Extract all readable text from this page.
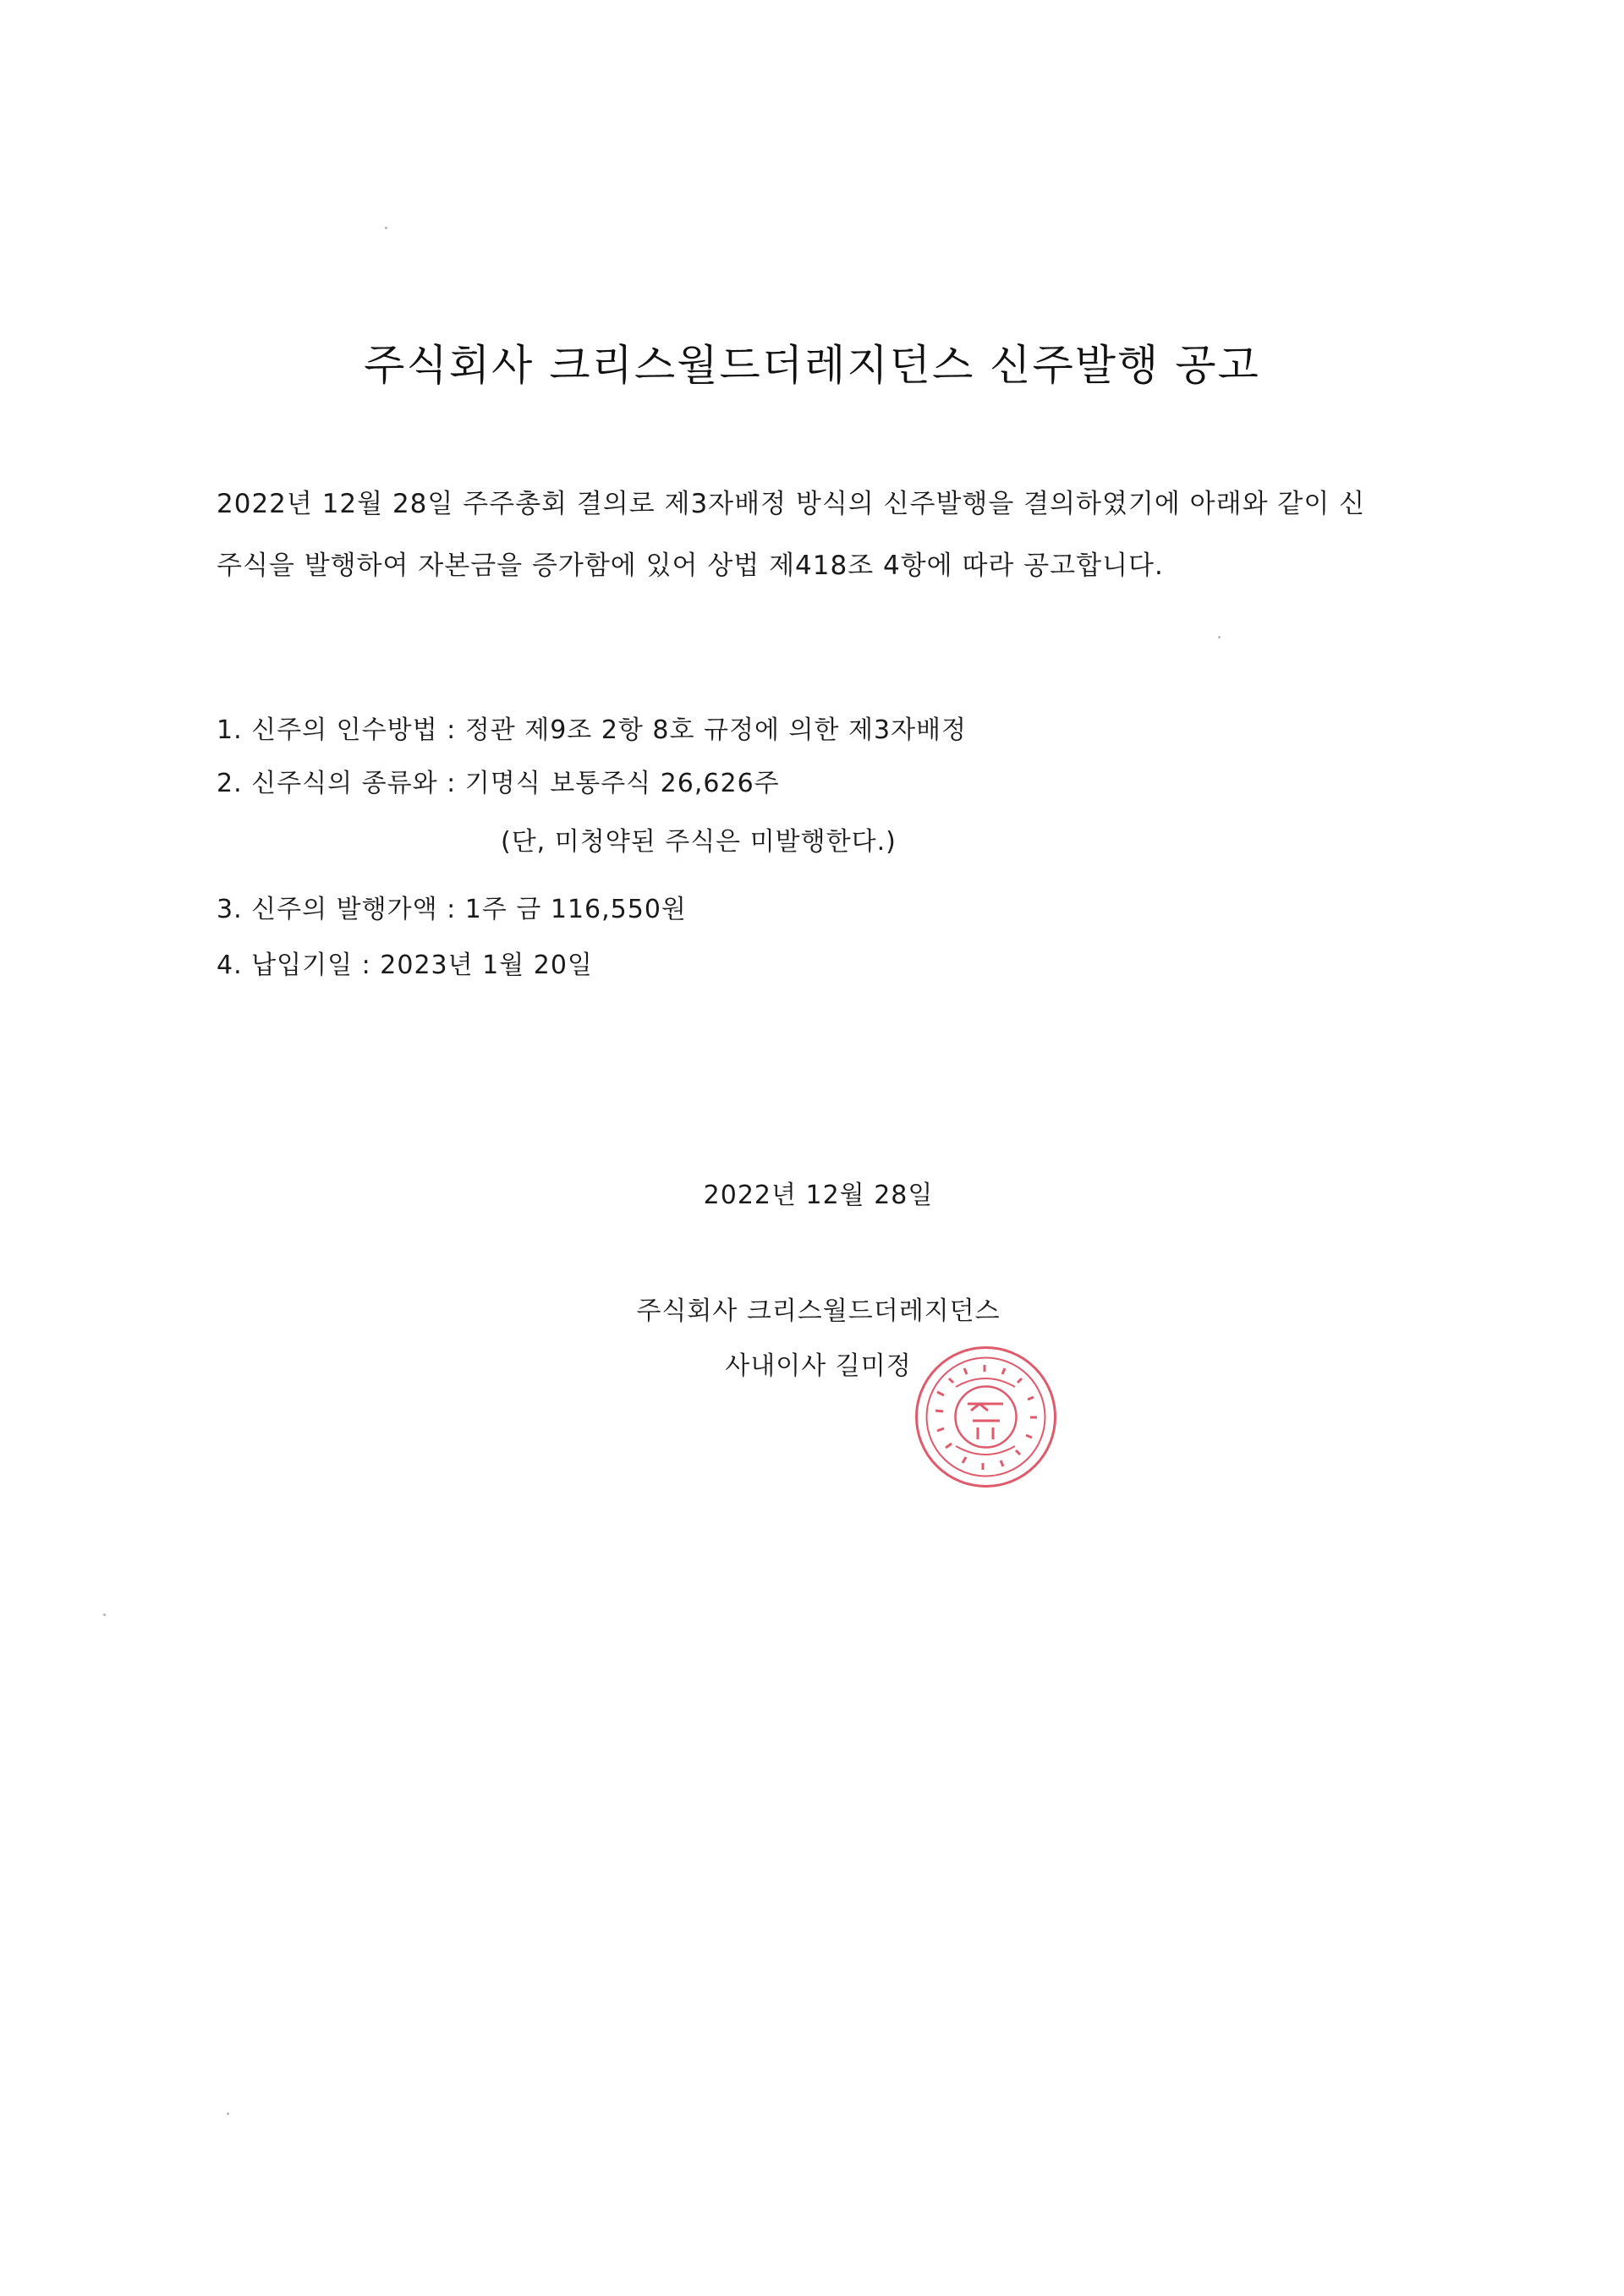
주식회사 크리스월드더레지던스 신주발행 공고
2022년 12월 28일 주주총회 결의로 제3자배정 방식의 신주발행을 결의하였기에 아래와 같이 신
주식을 발행하여 자본금을 증가함에 있어 상법 제418조 4항에 따라 공고합니다.
1. 신주의 인수방법 : 정관 제9조 2항 8호 규정에 의한 제3자배정
2. 신주식의 종류와 : 기명식 보통주식 26,626주
(단, 미청약된 주식은 미발행한다.)
3. 신주의 발행가액 : 1주 금 116,550원
4. 납입기일 : 2023년 1월 20일
2022년 12월 28일
주식회사 크리스월드더레지던스
사내이사 길미정
